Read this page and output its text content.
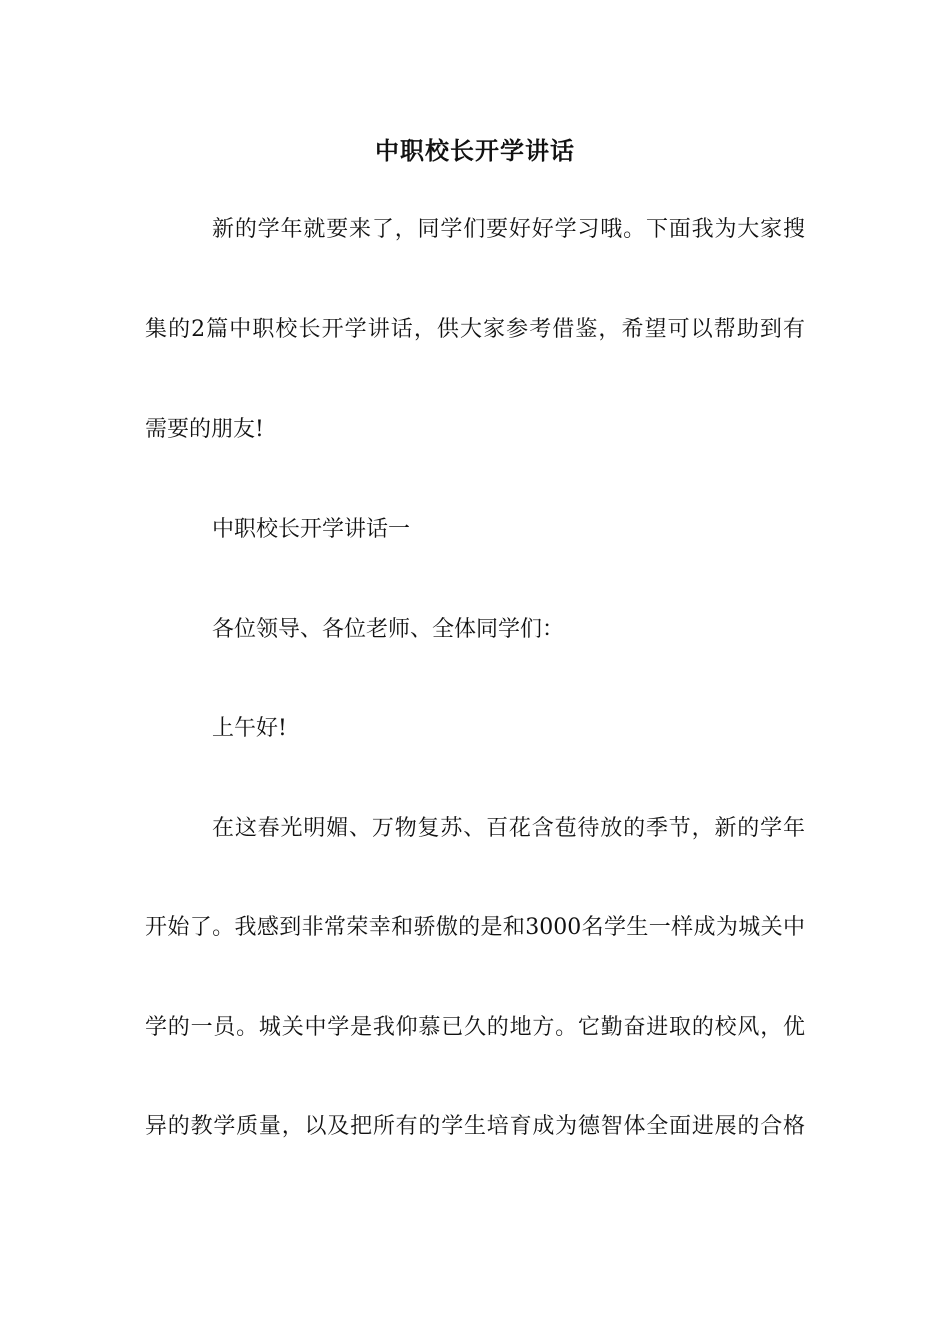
中职校长开学讲话
新的学年就要来了，同学们要好好学习哦。下面我为大家搜
集的2篇中职校长开学讲话，供大家参考借鉴，希望可以帮助到有
需要的朋友!
中职校长开学讲话一
各位领导、各位老师、全体同学们：
上午好!
在这春光明媚、万物复苏、百花含苞待放的季节，新的学年
开始了。我感到非常荣幸和骄傲的是和3000名学生一样成为城关中
学的一员。城关中学是我仰慕已久的地方。它勤奋进取的校风，优
异的教学质量，以及把所有的学生培育成为德智体全面进展的合格
